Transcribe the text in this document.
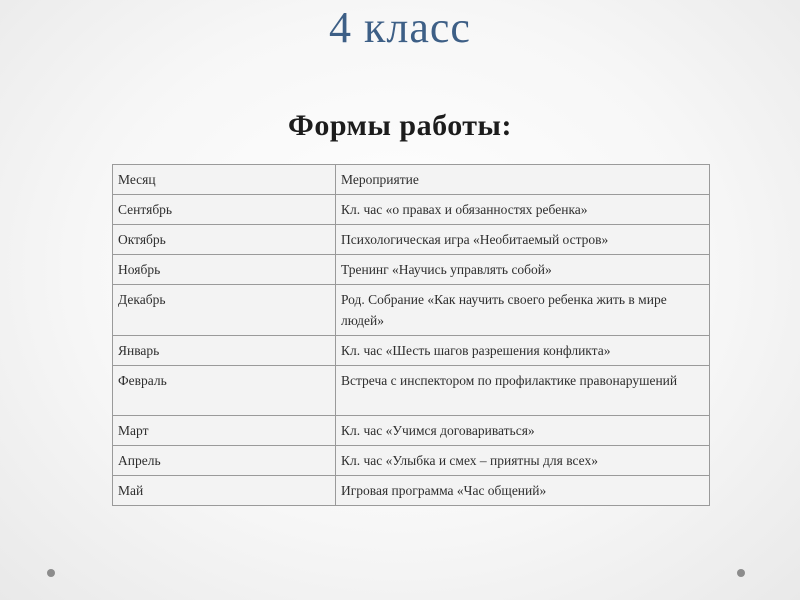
4 класс
Формы работы:
Месяц	Мероприятие
Сентябрь	Кл. час «о правах и обязанностях ребенка»
Октябрь	Психологическая игра «Необитаемый остров»
Ноябрь	Тренинг «Научись управлять собой»
Декабрь	Род. Собрание «Как научить своего ребенка жить в мире людей»
Январь	Кл. час «Шесть шагов разрешения конфликта»
Февраль	Встреча с инспектором по профилактике правонарушений
Март	Кл. час «Учимся договариваться»
Апрель	Кл. час «Улыбка и смех – приятны для всех»
Май	Игровая программа «Час общений»
